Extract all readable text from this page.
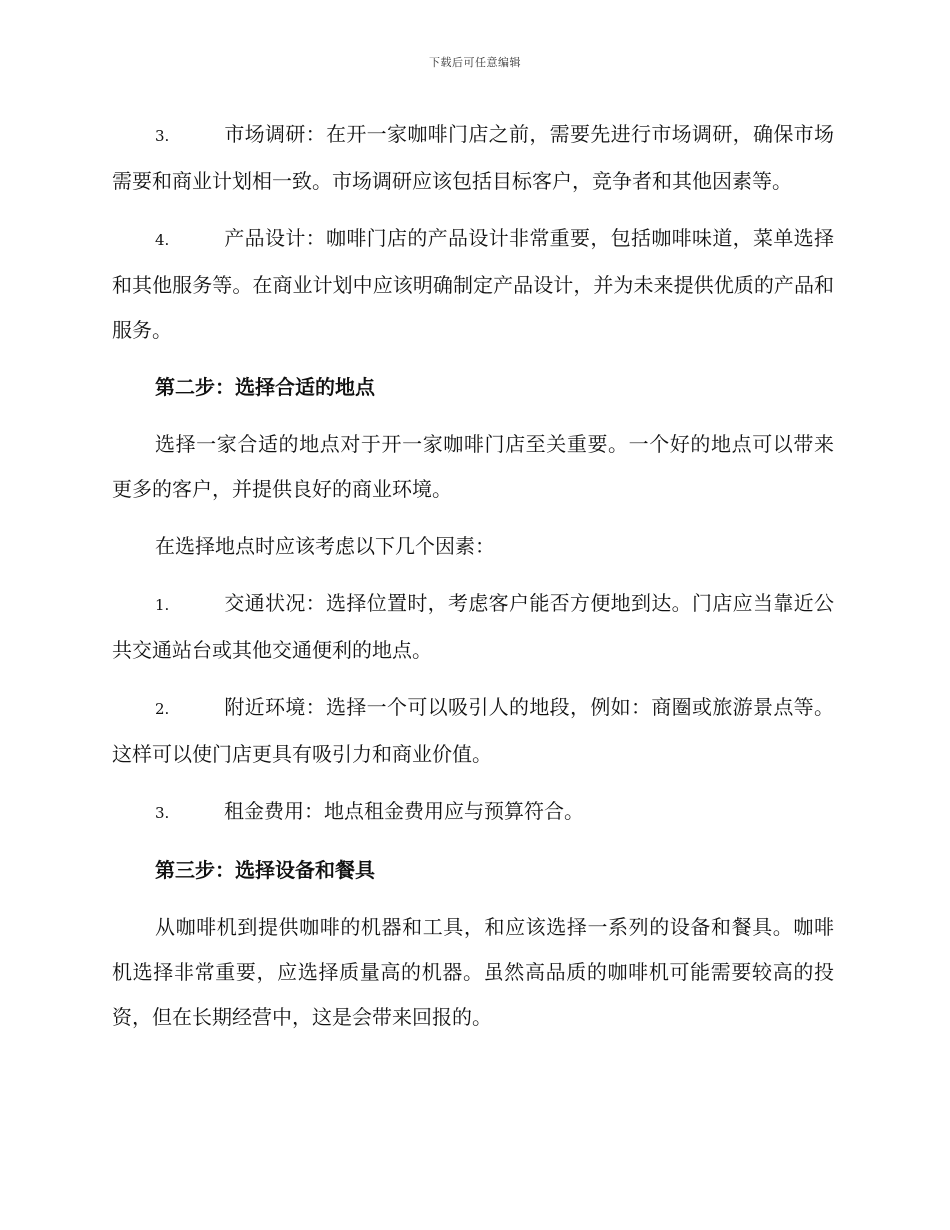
下载后可任意编辑

3.	市场调研：在开一家咖啡门店之前，需要先进行市场调研，确保市场需要和商业计划相一致。市场调研应该包括目标客户，竞争者和其他因素等。

4.	产品设计：咖啡门店的产品设计非常重要，包括咖啡味道，菜单选择和其他服务等。在商业计划中应该明确制定产品设计，并为未来提供优质的产品和服务。

第二步：选择合适的地点

选择一家合适的地点对于开一家咖啡门店至关重要。一个好的地点可以带来更多的客户，并提供良好的商业环境。

在选择地点时应该考虑以下几个因素：

1.	交通状况：选择位置时，考虑客户能否方便地到达。门店应当靠近公共交通站台或其他交通便利的地点。

2.	附近环境：选择一个可以吸引人的地段，例如：商圈或旅游景点等。这样可以使门店更具有吸引力和商业价值。

3.	租金费用：地点租金费用应与预算符合。

第三步：选择设备和餐具

从咖啡机到提供咖啡的机器和工具，和应该选择一系列的设备和餐具。咖啡机选择非常重要，应选择质量高的机器。虽然高品质的咖啡机可能需要较高的投资，但在长期经营中，这是会带来回报的。
